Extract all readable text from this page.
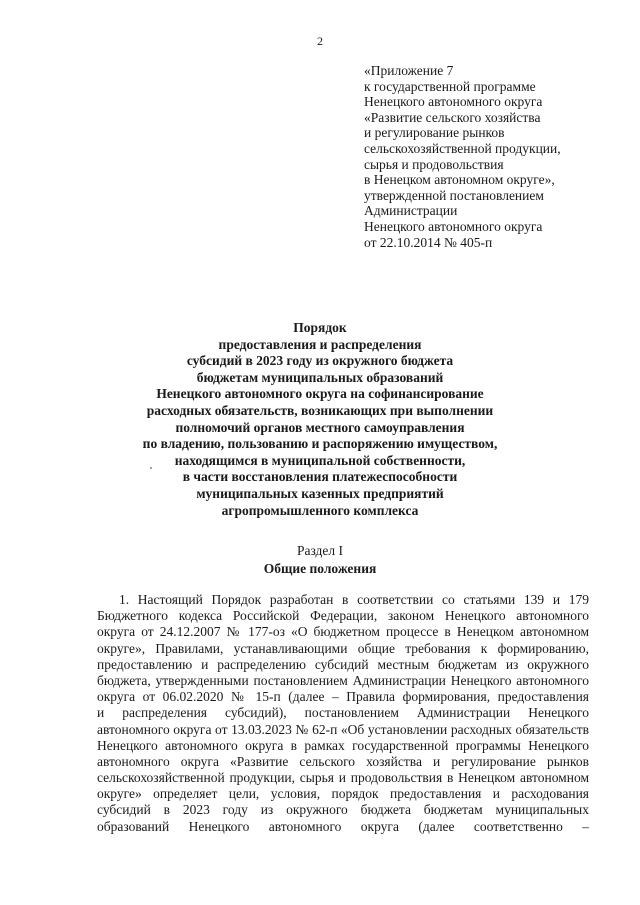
2
«Приложение 7
к государственной программе
Ненецкого автономного округа
«Развитие сельского хозяйства
и регулирование рынков
сельскохозяйственной продукции,
сырья и продовольствия
в Ненецком автономном округе»,
утвержденной постановлением
Администрации
Ненецкого автономного округа
от 22.10.2014 № 405-п
Порядок
предоставления и распределения
субсидий в 2023 году из окружного бюджета
бюджетам муниципальных образований
Ненецкого автономного округа на софинансирование
расходных обязательств, возникающих при выполнении
полномочий органов местного самоуправления
по владению, пользованию и распоряжению имуществом,
находящимся в муниципальной собственности,
в части восстановления платежеспособности
муниципальных казенных предприятий
агропромышленного комплекса
Раздел I
Общие положения
1. Настоящий Порядок разработан в соответствии со статьями 139 и 179
Бюджетного кодекса Российской Федерации, законом Ненецкого автономного
округа от 24.12.2007 № 177-оз «О бюджетном процессе в Ненецком автономном
округе», Правилами, устанавливающими общие требования к формированию,
предоставлению и распределению субсидий местным бюджетам из окружного
бюджета, утвержденными постановлением Администрации Ненецкого автономного
округа от 06.02.2020 № 15-п (далее – Правила формирования, предоставления
и распределения субсидий), постановлением Администрации Ненецкого
автономного округа от 13.03.2023 № 62-п «Об установлении расходных обязательств
Ненецкого автономного округа в рамках государственной программы Ненецкого
автономного округа «Развитие сельского хозяйства и регулирование рынков
сельскохозяйственной продукции, сырья и продовольствия в Ненецком автономном
округе» определяет цели, условия, порядок предоставления и расходования
субсидий в 2023 году из окружного бюджета бюджетам муниципальных
образований Ненецкого автономного округа (далее соответственно –
